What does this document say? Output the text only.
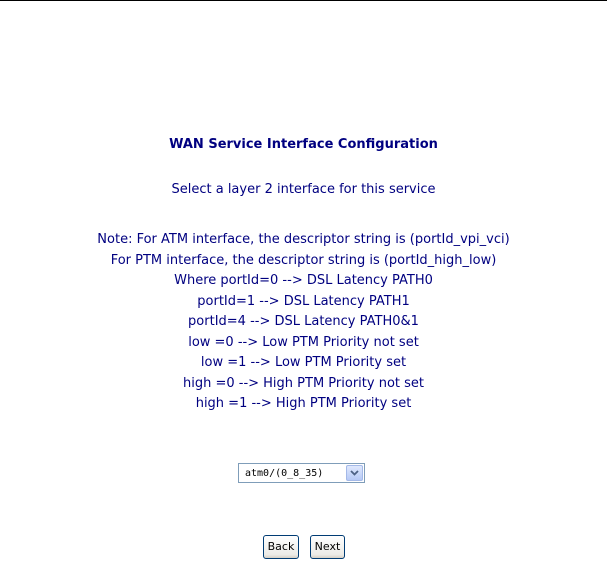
WAN Service Interface Configuration
Select a layer 2 interface for this service
Note: For ATM interface, the descriptor string is (portId_vpi_vci)
For PTM interface, the descriptor string is (portId_high_low)
Where portId=0 --> DSL Latency PATH0
portId=1 --> DSL Latency PATH1
portId=4 --> DSL Latency PATH0&1
low =0 --> Low PTM Priority not set
low =1 --> Low PTM Priority set
high =0 --> High PTM Priority not set
high =1 --> High PTM Priority set
atm0/(0_8_35)
Back	Next
